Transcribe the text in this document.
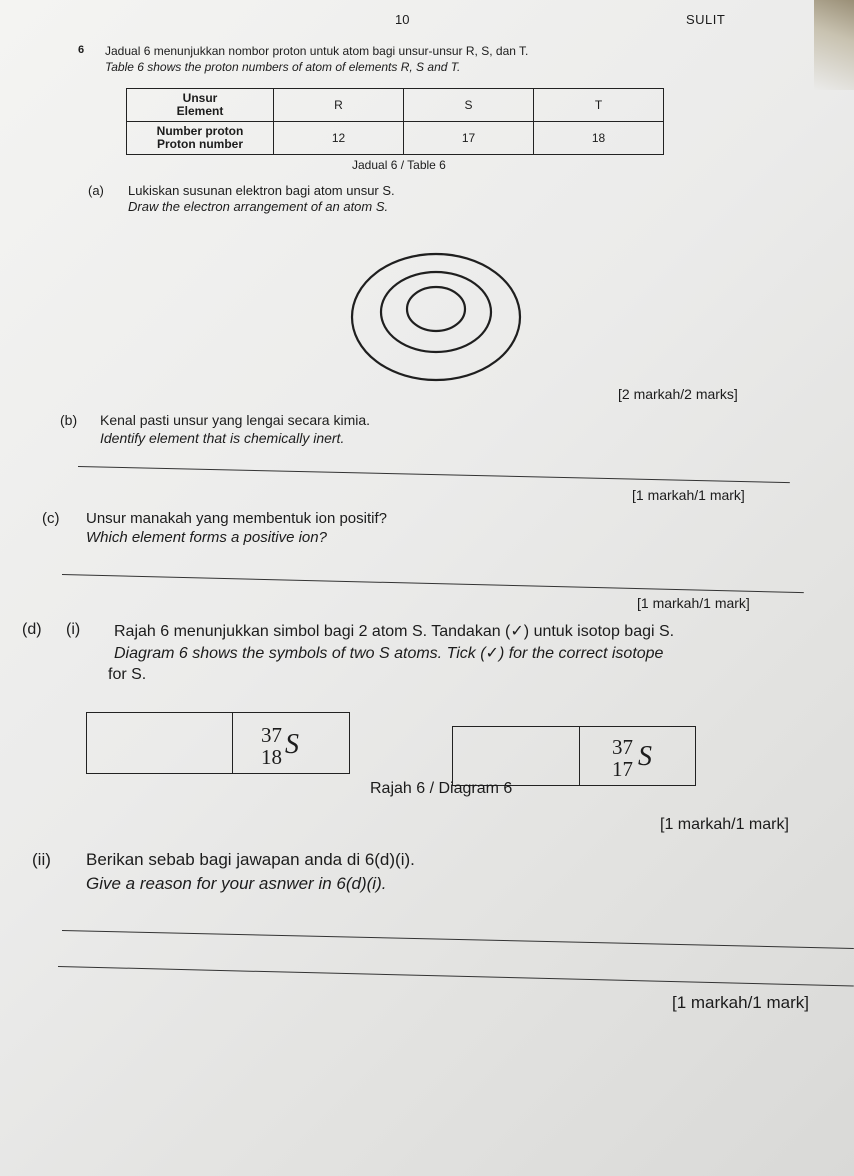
10	SULIT
6 Jadual 6 menunjukkan nombor proton untuk atom bagi unsur-unsur R, S, dan T.
Table 6 shows the proton numbers of atom of elements R, S and T.
Unsur
Element	R	S	T

Number proton
Proton number	12	17	18
Jadual 6 / Table 6
(a) Lukiskan susunan elektron bagi atom unsur S.
Draw the electron arrangement of an atom S.
[2 markah/2 marks]
(b) Kenal pasti unsur yang lengai secara kimia.
Identify element that is chemically inert.
[1 markah/1 mark]
(c) Unsur manakah yang membentuk ion positif?
Which element forms a positive ion?
[1 markah/1 mark]
(d) (i) Rajah 6 menunjukkan simbol bagi 2 atom S. Tandakan (✓) untuk isotop bagi S.
Diagram 6 shows the symbols of two S atoms. Tick (✓) for the correct isotope
for S.
37
18 S	37
17 S
Rajah 6 / Diagram 6
[1 markah/1 mark]
(ii) Berikan sebab bagi jawapan anda di 6(d)(i).
Give a reason for your asnwer in 6(d)(i).
[1 markah/1 mark]
